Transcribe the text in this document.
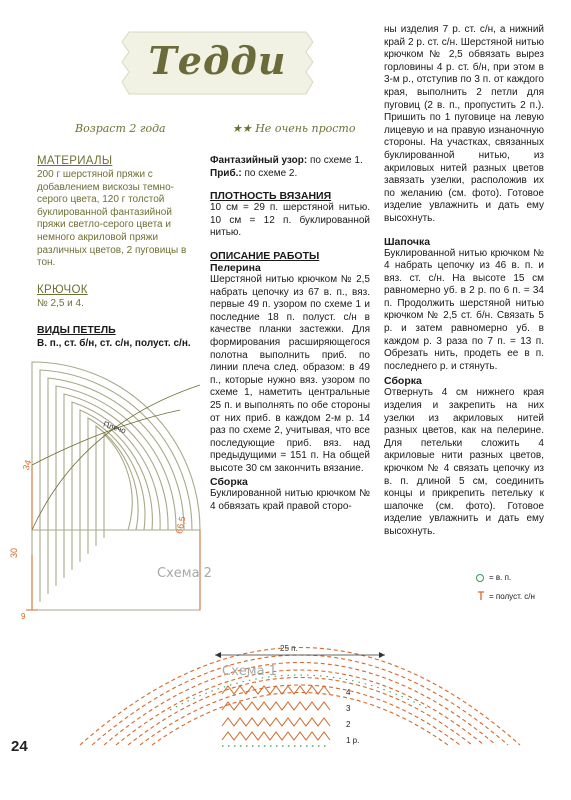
Тедди
Возраст 2 года	★★ Не очень просто
МАТЕРИАЛЫ
200 г шерстяной пряжи с добавлением вискозы темно-серого цвета, 120 г толстой буклированной фантазийной пряжи светло-серого цвета и немного акриловой пряжи различных цветов, 2 пуговицы в тон.
КРЮЧОК
№ 2,5 и 4.
ВИДЫ ПЕТЕЛЬ
В. п., ст. б/н, ст. с/н, полуст. с/н.
Фантазийный узор: по схеме 1.
Приб.: по схеме 2.
ПЛОТНОСТЬ ВЯЗАНИЯ
10 см = 29 п. шерстяной нитью. 10 см = 12 п. буклированной нитью.
ОПИСАНИЕ РАБОТЫ
Пелерина
Шерстяной нитью крючком № 2,5 набрать цепочку из 67 в. п., вяз. первые 49 п. узором по схеме 1 и последние 18 п. полуст. с/н в качестве планки застежки. Для формирования расширяющегося полотна выполнить приб. по линии плеча след. образом: в 49 п., которые нужно вяз. узором по схеме 1, наметить центральные 25 п. и выполнять по обе стороны от них приб. в каждом 2-м р. 14 раз по схеме 2, учитывая, что все последующие приб. вяз. над предыдущими = 151 п. На общей высоте 30 см закончить вязание.
Сборка
Буклированной нитью крючком № 4 обвязать край правой сторо-
ны изделия 7 р. ст. с/н, а нижний край 2 р. ст. с/н. Шерстяной нитью крючком № 2,5 обвязать вырез горловины 4 р. ст. б/н, при этом в 3-м р., отступив по 3 п. от каждого края, выполнить 2 петли для пуговиц (2 в. п., пропустить 2 п.). Пришить по 1 пуговице на левую лицевую и на правую изнаночную стороны. На участках, связанных буклированной нитью, из акриловых нитей разных цветов завязать узелки, расположив их по желанию (см. фото). Готовое изделие увлажнить и дать ему высохнуть.
Шапочка
Буклированной нитью крючком № 4 набрать цепочку из 46 в. п. и вяз. ст. с/н. На высоте 15 см равномерно уб. в 2 р. по 6 п. = 34 п. Продолжить шерстяной нитью крючком № 2,5 ст. б/н. Связать 5 р. и затем равномерно уб. в каждом р. 3 раза по 7 п. = 13 п. Обрезать нить, продеть ее в п. последнего р. и стянуть.
Сборка
Отвернуть 4 см нижнего края изделия и закрепить на них узелки из акриловых нитей разных цветов, как на пелерине. Для петельки сложить 4 акриловые нити разных цветов, крючком № 4 связать цепочку из в. п. длиной 5 см, соединить концы и прикрепить петельку к шапочке (см. фото). Готовое изделие увлажнить и дать ему высохнуть.
Плечо
34
66,5
30
9
Схема 2
25 п.
Схема 1
4
3
2
1 р.
= в. п.
= полуст. с/н
24
